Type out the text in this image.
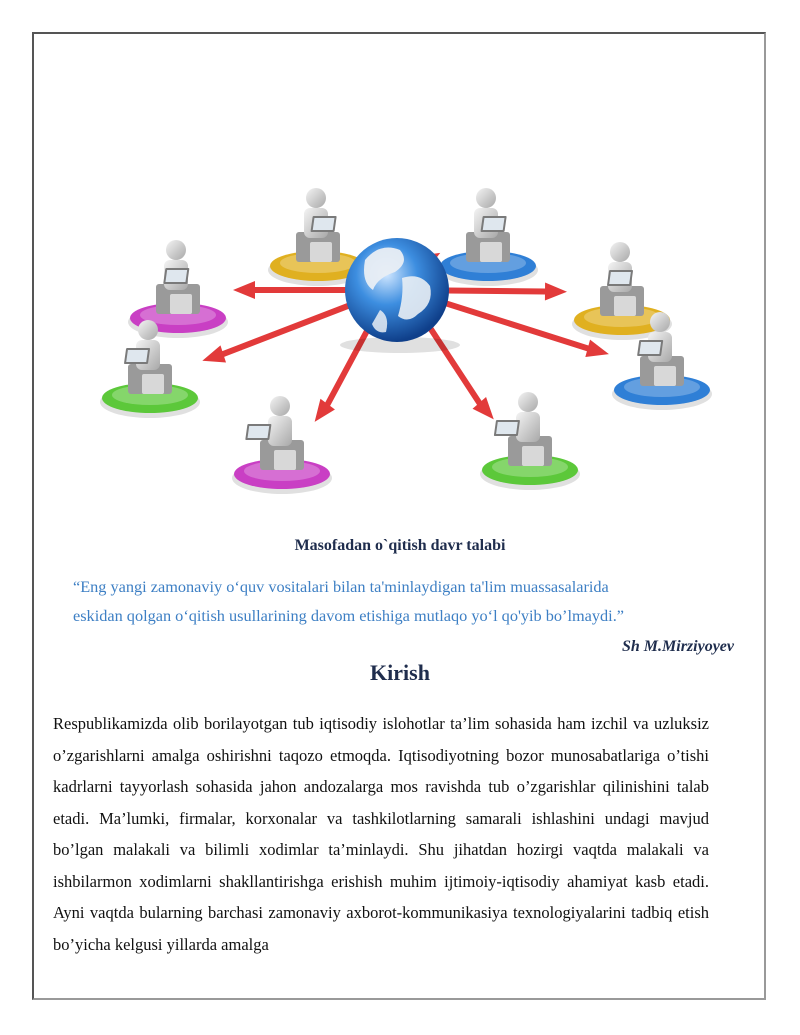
Masofadan o`qitish davr talabi
“Eng yangi zamonaviy o‘quv vositalari bilan ta'minlaydigan ta'lim muassasalarida
eskidan qolgan o‘qitish usullarining davom etishiga mutlaqo yo‘l qo'yib bo’lmaydi.”
Sh M.Mirziyoyev
Kirish
Respublikamizda olib borilayotgan tub iqtisodiy islohotlar ta’lim sohasida ham izchil va uzluksiz o’zgarishlarni amalga oshirishni taqozo etmoqda. Iqtisodiyotning bozor munosabatlariga o’tishi kadrlarni tayyorlash sohasida jahon andozalarga mos ravishda tub o’zgarishlar qilinishini talab etadi. Ma’lumki, firmalar, korxonalar va tashkilotlarning samarali ishlashini undagi mavjud bo’lgan malakali va bilimli xodimlar ta’minlaydi. Shu jihatdan hozirgi vaqtda malakali va ishbilarmon xodimlarni shakllantirishga erishish muhim ijtimoiy-iqtisodiy ahamiyat kasb etadi. Ayni vaqtda bularning barchasi zamonaviy axborot-kommunikasiya texnologiyalarini tadbiq etish bo’yicha kelgusi yillarda amalga
